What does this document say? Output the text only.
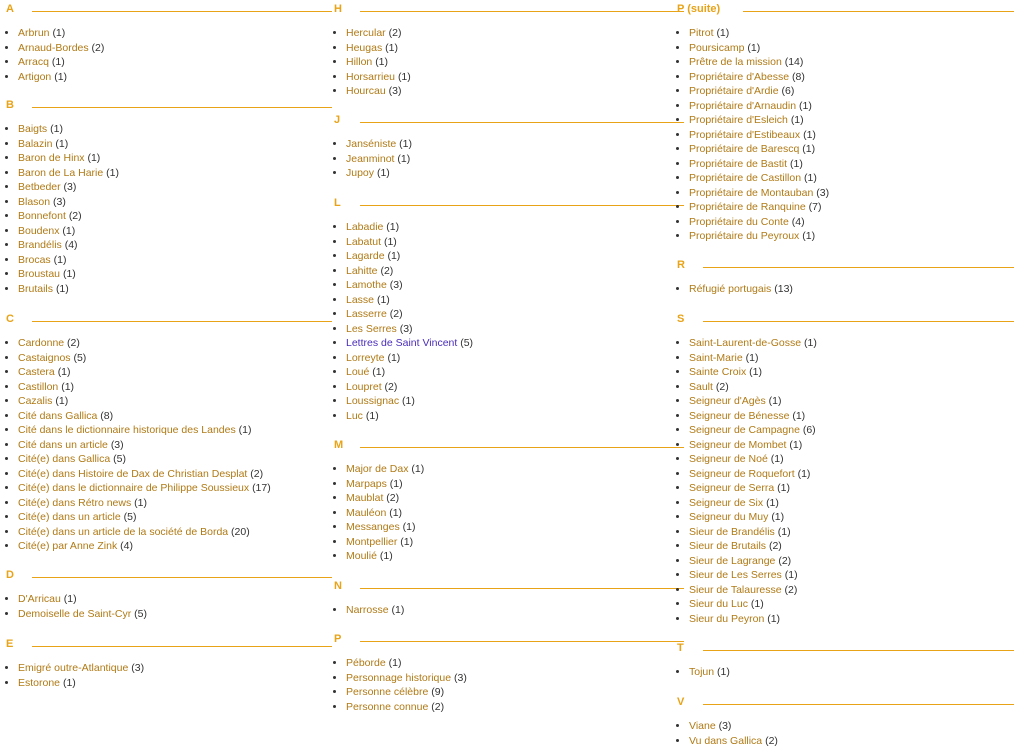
A
• Arbrun (1)
• Arnaud-Bordes (2)
• Arracq (1)
• Artigon (1)
B
• Baigts (1)
• Balazin (1)
• Baron de Hinx (1)
• Baron de La Harie (1)
• Betbeder (3)
• Blason (3)
• Bonnefont (2)
• Boudenx (1)
• Brandélis (4)
• Brocas (1)
• Broustau (1)
• Brutails (1)
C
• Cardonne (2)
• Castaignos (5)
• Castera (1)
• Castillon (1)
• Cazalis (1)
• Cité dans Gallica (8)
• Cité dans le dictionnaire historique des Landes (1)
• Cité dans un article (3)
• Cité(e) dans Gallica (5)
• Cité(e) dans Histoire de Dax de Christian Desplat (2)
• Cité(e) dans le dictionnaire de Philippe Soussieux (17)
• Cité(e) dans Rétro news (1)
• Cité(e) dans un article (5)
• Cité(e) dans un article de la société de Borda (20)
• Cité(e) par Anne Zink (4)
D
• D'Arricau (1)
• Demoiselle de Saint-Cyr (5)
E
• Emigré outre-Atlantique (3)
• Estorone (1)
H
• Hercular (2)
• Heugas (1)
• Hillon (1)
• Horsarrieu (1)
• Hourcau (3)
J
• Janséniste (1)
• Jeanminot (1)
• Jupoy (1)
L
• Labadie (1)
• Labatut (1)
• Lagarde (1)
• Lahitte (2)
• Lamothe (3)
• Lasse (1)
• Lasserre (2)
• Les Serres (3)
• Lettres de Saint Vincent (5)
• Lorreyte (1)
• Loué (1)
• Loupret (2)
• Loussignac (1)
• Luc (1)
M
• Major de Dax (1)
• Marpaps (1)
• Maublat (2)
• Mauléon (1)
• Messanges (1)
• Montpellier (1)
• Moulié (1)
N
• Narrosse (1)
P
• Péborde (1)
• Personnage historique (3)
• Personne célèbre (9)
• Personne connue (2)
P (suite)
• Pitrot (1)
• Poursicamp (1)
• Prêtre de la mission (14)
• Propriétaire d'Abesse (8)
• Propriétaire d'Ardie (6)
• Propriétaire d'Arnaudin (1)
• Propriétaire d'Esleich (1)
• Propriétaire d'Estibeaux (1)
• Propriétaire de Barescq (1)
• Propriétaire de Bastit (1)
• Propriétaire de Castillon (1)
• Propriétaire de Montauban (3)
• Propriétaire de Ranquine (7)
• Propriétaire du Conte (4)
• Propriétaire du Peyroux (1)
R
• Réfugié portugais (13)
S
• Saint-Laurent-de-Gosse (1)
• Saint-Marie (1)
• Sainte Croix (1)
• Sault (2)
• Seigneur d'Agès (1)
• Seigneur de Bénesse (1)
• Seigneur de Campagne (6)
• Seigneur de Mombet (1)
• Seigneur de Noé (1)
• Seigneur de Roquefort (1)
• Seigneur de Serra (1)
• Seigneur de Six (1)
• Seigneur du Muy (1)
• Sieur de Brandélis (1)
• Sieur de Brutails (2)
• Sieur de Lagrange (2)
• Sieur de Les Serres (1)
• Sieur de Talauresse (2)
• Sieur du Luc (1)
• Sieur du Peyron (1)
T
• Tojun (1)
V
• Viane (3)
• Vu dans Gallica (2)
